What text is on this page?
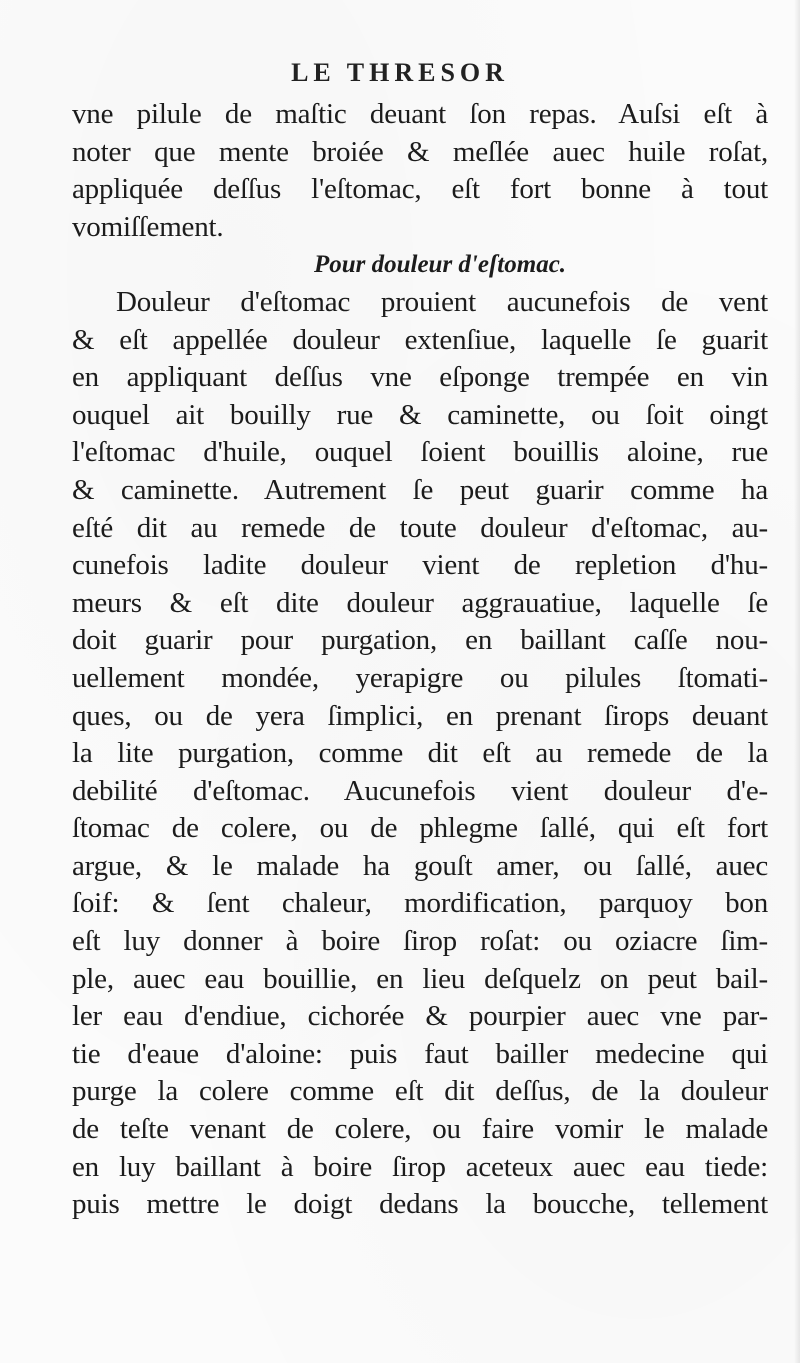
LE THRESOR
vne pilule de maſtic deuant ſon repas. Auſsi eſt à
noter que mente broiée & meſlée auec huile roſat,
appliquée deſſus l'eſtomac, eſt fort bonne à tout
vomiſſement.
Pour douleur d'eſtomac.
Douleur d'eſtomac prouient aucunefois de vent
& eſt appellée douleur extenſiue, laquelle ſe guarit
en appliquant deſſus vne eſponge trempée en vin
ouquel ait bouilly rue & caminette, ou ſoit oingt
l'eſtomac d'huile, ouquel ſoient bouillis aloine, rue
& caminette. Autrement ſe peut guarir comme ha
eſté dit au remede de toute douleur d'eſtomac, au-
cunefois ladite douleur vient de repletion d'hu-
meurs & eſt dite douleur aggrauatiue, laquelle ſe
doit guarir pour purgation, en baillant caſſe nou-
uellement mondée, yerapigre ou pilules ſtomati-
ques, ou de yera ſimplici, en prenant ſirops deuant
la lite purgation, comme dit eſt au remede de la
debilité d'eſtomac. Aucunefois vient douleur d'e-
ſtomac de colere, ou de phlegme ſallé, qui eſt fort
argue, & le malade ha gouſt amer, ou ſallé, auec
ſoif: & ſent chaleur, mordification, parquoy bon
eſt luy donner à boire ſirop roſat: ou oziacre ſim-
ple, auec eau bouillie, en lieu deſquelz on peut bail-
ler eau d'endiue, cichorée & pourpier auec vne par-
tie d'eaue d'aloine: puis faut bailler medecine qui
purge la colere comme eſt dit deſſus, de la douleur
de teſte venant de colere, ou faire vomir le malade
en luy baillant à boire ſirop aceteux auec eau tiede:
puis mettre le doigt dedans la boucche, tellement
